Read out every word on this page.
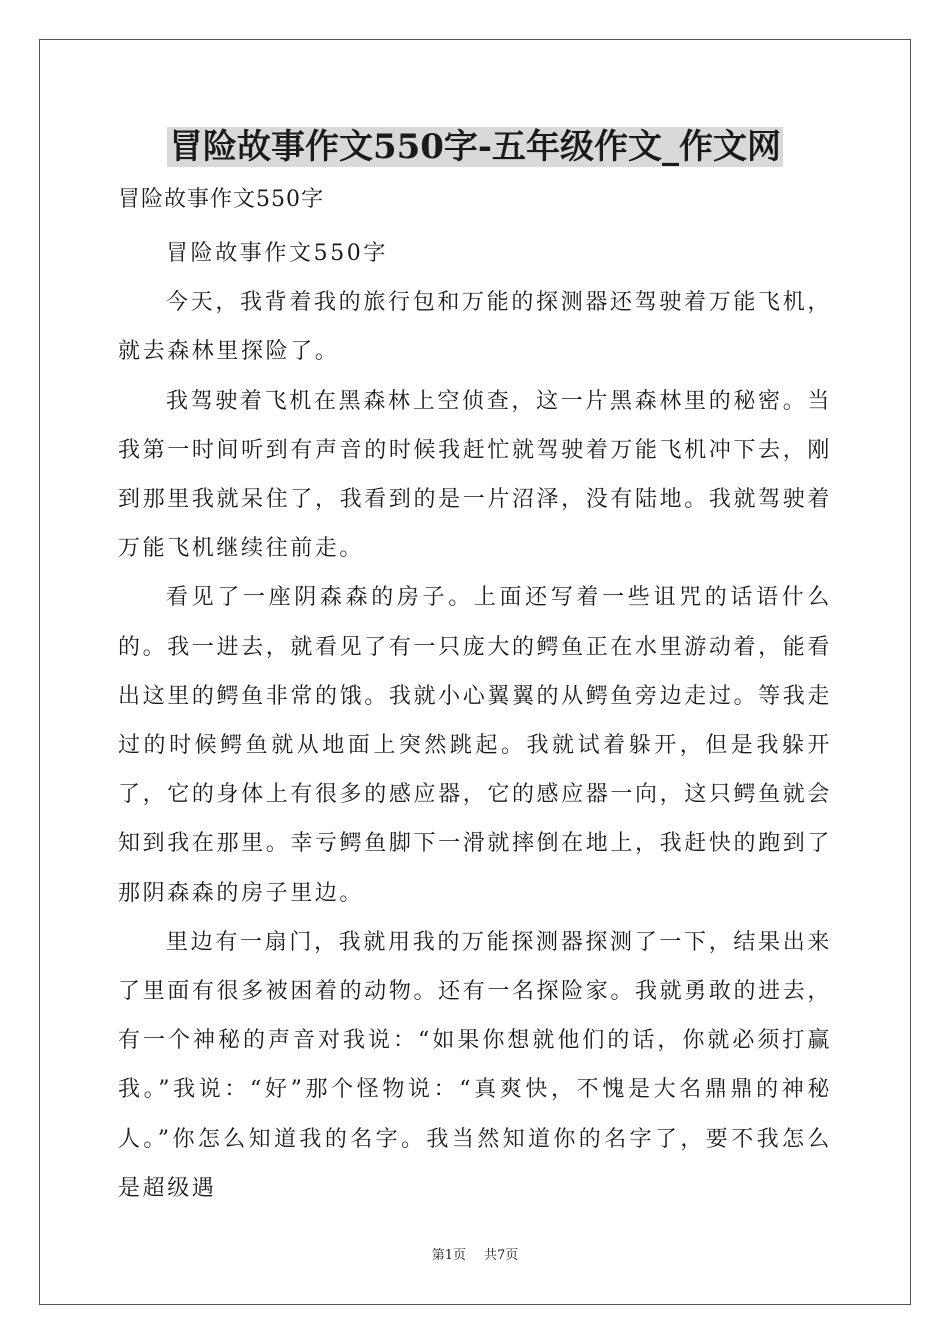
冒险故事作文550字-五年级作文_作文网
冒险故事作文550字

冒险故事作文550字

今天，我背着我的旅行包和万能的探测器还驾驶着万能飞机，就去森林里探险了。

我驾驶着飞机在黑森林上空侦查，这一片黑森林里的秘密。当我第一时间听到有声音的时候我赶忙就驾驶着万能飞机冲下去，刚到那里我就呆住了，我看到的是一片沼泽，没有陆地。我就驾驶着万能飞机继续往前走。

看见了一座阴森森的房子。上面还写着一些诅咒的话语什么的。我一进去，就看见了有一只庞大的鳄鱼正在水里游动着，能看出这里的鳄鱼非常的饿。我就小心翼翼的从鳄鱼旁边走过。等我走过的时候鳄鱼就从地面上突然跳起。我就试着躲开，但是我躲开了，它的身体上有很多的感应器，它的感应器一向，这只鳄鱼就会知到我在那里。幸亏鳄鱼脚下一滑就摔倒在地上，我赶快的跑到了那阴森森的房子里边。

里边有一扇门，我就用我的万能探测器探测了一下，结果出来了里面有很多被困着的动物。还有一名探险家。我就勇敢的进去，有一个神秘的声音对我说：“如果你想就他们的话，你就必须打赢我。”我说：“好”那个怪物说：“真爽快，不愧是大名鼎鼎的神秘人。”你怎么知道我的名字。我当然知道你的名字了，要不我怎么是超级遇

第1页 共7页
